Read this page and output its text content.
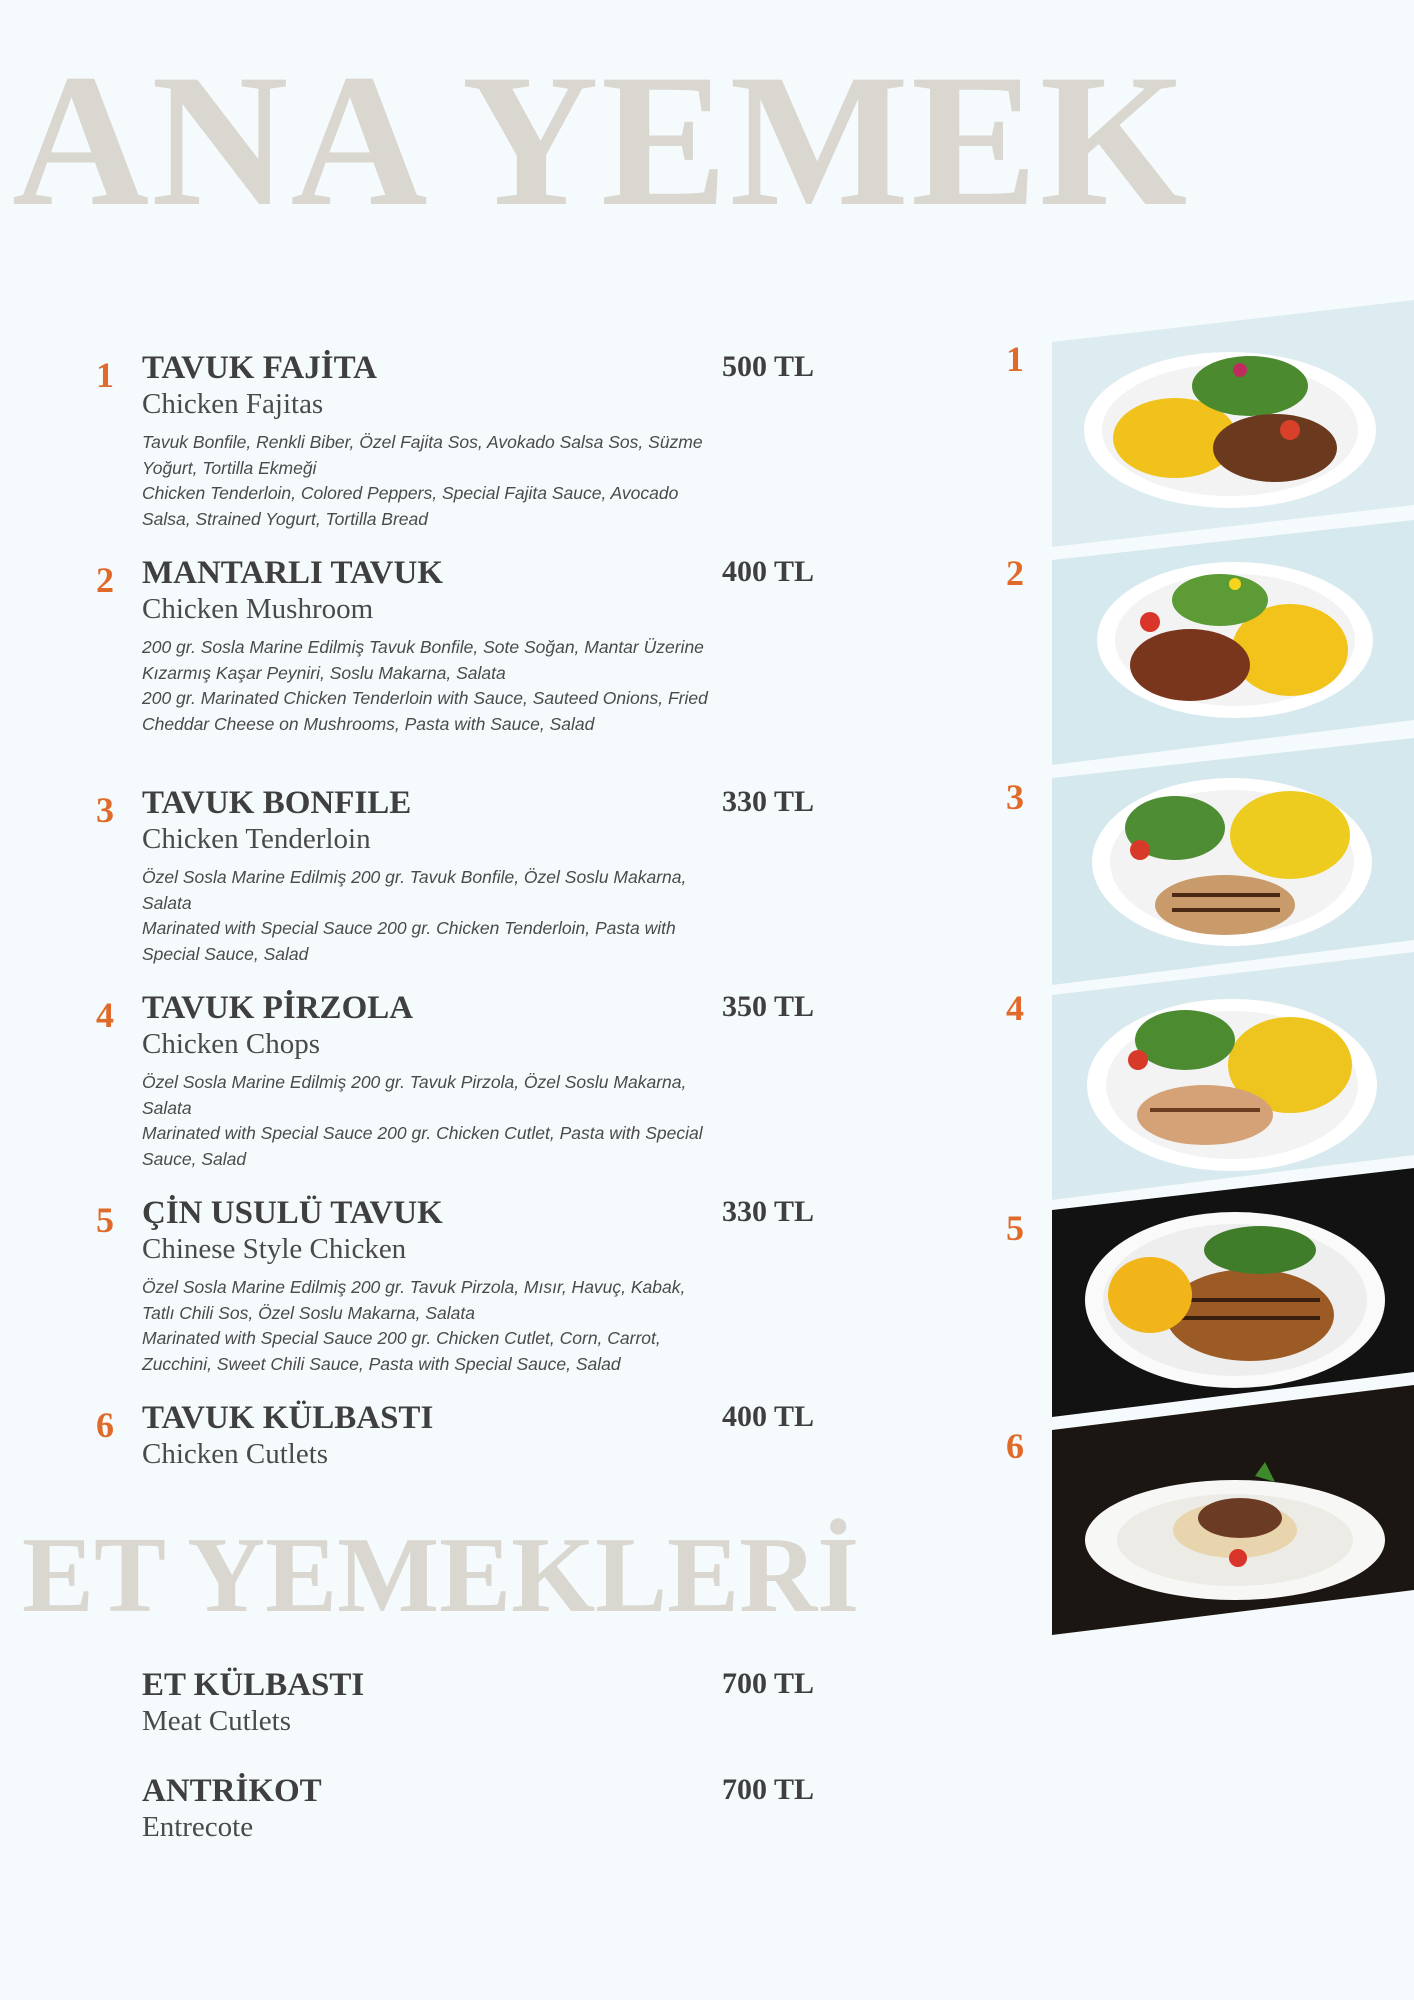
ANA YEMEK
1 TAVUK FAJİTA	500 TL
Chicken Fajitas

Tavuk Bonfile, Renkli Biber, Özel Fajita Sos, Avokado Salsa Sos, Süzme Yoğurt, Tortilla Ekmeği

Chicken Tenderloin, Colored Peppers, Special Fajita Sauce, Avocado Salsa, Strained Yogurt, Tortilla Bread

2 MANTARLI TAVUK	400 TL
Chicken Mushroom

200 gr. Sosla Marine Edilmiş Tavuk Bonfile, Sote Soğan, Mantar Üzerine Kızarmış Kaşar Peyniri, Soslu Makarna, Salata

200 gr. Marinated Chicken Tenderloin with Sauce, Sauteed Onions, Fried Cheddar Cheese on Mushrooms, Pasta with Sauce, Salad

3 TAVUK BONFILE	330 TL
Chicken Tenderloin

Özel Sosla Marine Edilmiş 200 gr. Tavuk Bonfile, Özel Soslu Makarna, Salata

Marinated with Special Sauce 200 gr. Chicken Tenderloin, Pasta with Special Sauce, Salad

4 TAVUK PİRZOLA	350 TL
Chicken Chops

Özel Sosla Marine Edilmiş 200 gr. Tavuk Pirzola, Özel Soslu Makarna, Salata

Marinated with Special Sauce 200 gr. Chicken Cutlet, Pasta with Special Sauce, Salad

5 ÇİN USULÜ TAVUK	330 TL
Chinese Style Chicken

Özel Sosla Marine Edilmiş 200 gr. Tavuk Pirzola, Mısır, Havuç, Kabak, Tatlı Chili Sos, Özel Soslu Makarna, Salata

Marinated with Special Sauce 200 gr. Chicken Cutlet, Corn, Carrot, Zucchini, Sweet Chili Sauce, Pasta with Special Sauce, Salad

6 TAVUK KÜLBASTI	400 TL
Chicken Cutlets
ET YEMEKLERİ
ET KÜLBASTI	700 TL
Meat Cutlets
ANTRİKOT	700 TL
Entrecote
1
2
3
4
5
6
